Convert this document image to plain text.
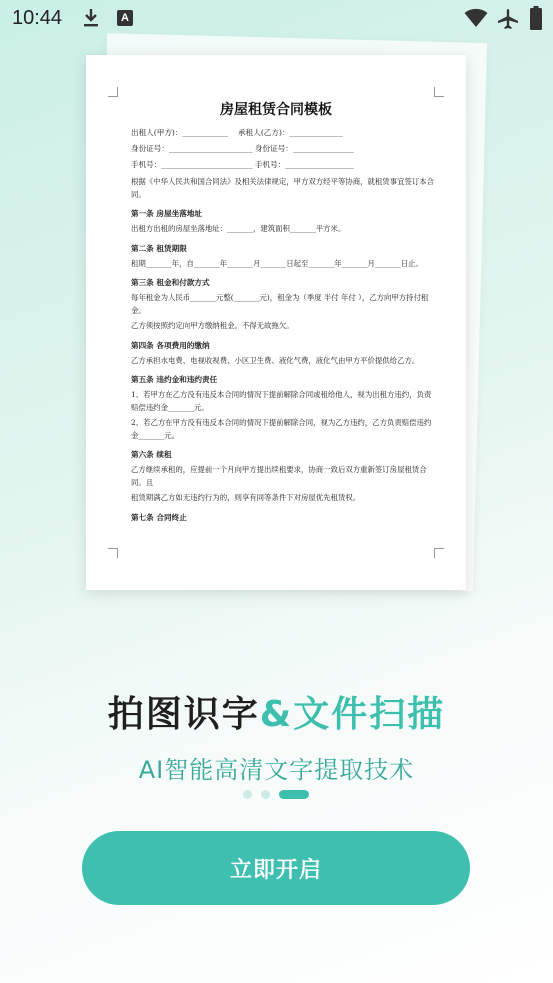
10:44	A
房屋租赁合同模板
出租人(甲方)：____________　 承租人(乙方)：______________
身份证号：______________________ 身份证号：________________
手机号：________________________ 手机号：__________________
根据《中华人民共和国合同法》及相关法律规定，甲方双方经平等协商，就租赁事宜签订本合同。
第一条 房屋坐落地址
出租方出租的房屋坐落地址：_______，建筑面积_______平方米。
第二条 租赁期限
租期_______年，自_______年_______月_______日起至_______年_______月_______日止。
第三条 租金和付款方式
每年租金为人民币_______元整(_______元)，租金为（季度 半付 年付 ），乙方向甲方持付租金。
乙方须按照约定向甲方缴纳租金。不得无故拖欠。
第四条 各项费用的缴纳
乙方承担水电费、电视收视费、小区卫生费、液化气费，液化气由甲方平价提供给乙方。
第五条 违约金和违约责任
1、若甲方在乙方没有违反本合同的情况下提前解除合同或租给他人，视为出租方违约，负责赔偿违约金_______元。
2、若乙方在甲方没有违反本合同的情况下提前解除合同，视为乙方违约，乙方负责赔偿违约金_______元。
第六条 续租
乙方继续承租的，应提前一个月向甲方提出续租要求，协商一致后双方重新签订房屋租赁合同。且
租赁期满乙方如无违约行为的，则享有同等条件下对房屋优先租赁权。
第七条 合同终止
拍图识字&文件扫描
AI智能高清文字提取技术
立即开启
